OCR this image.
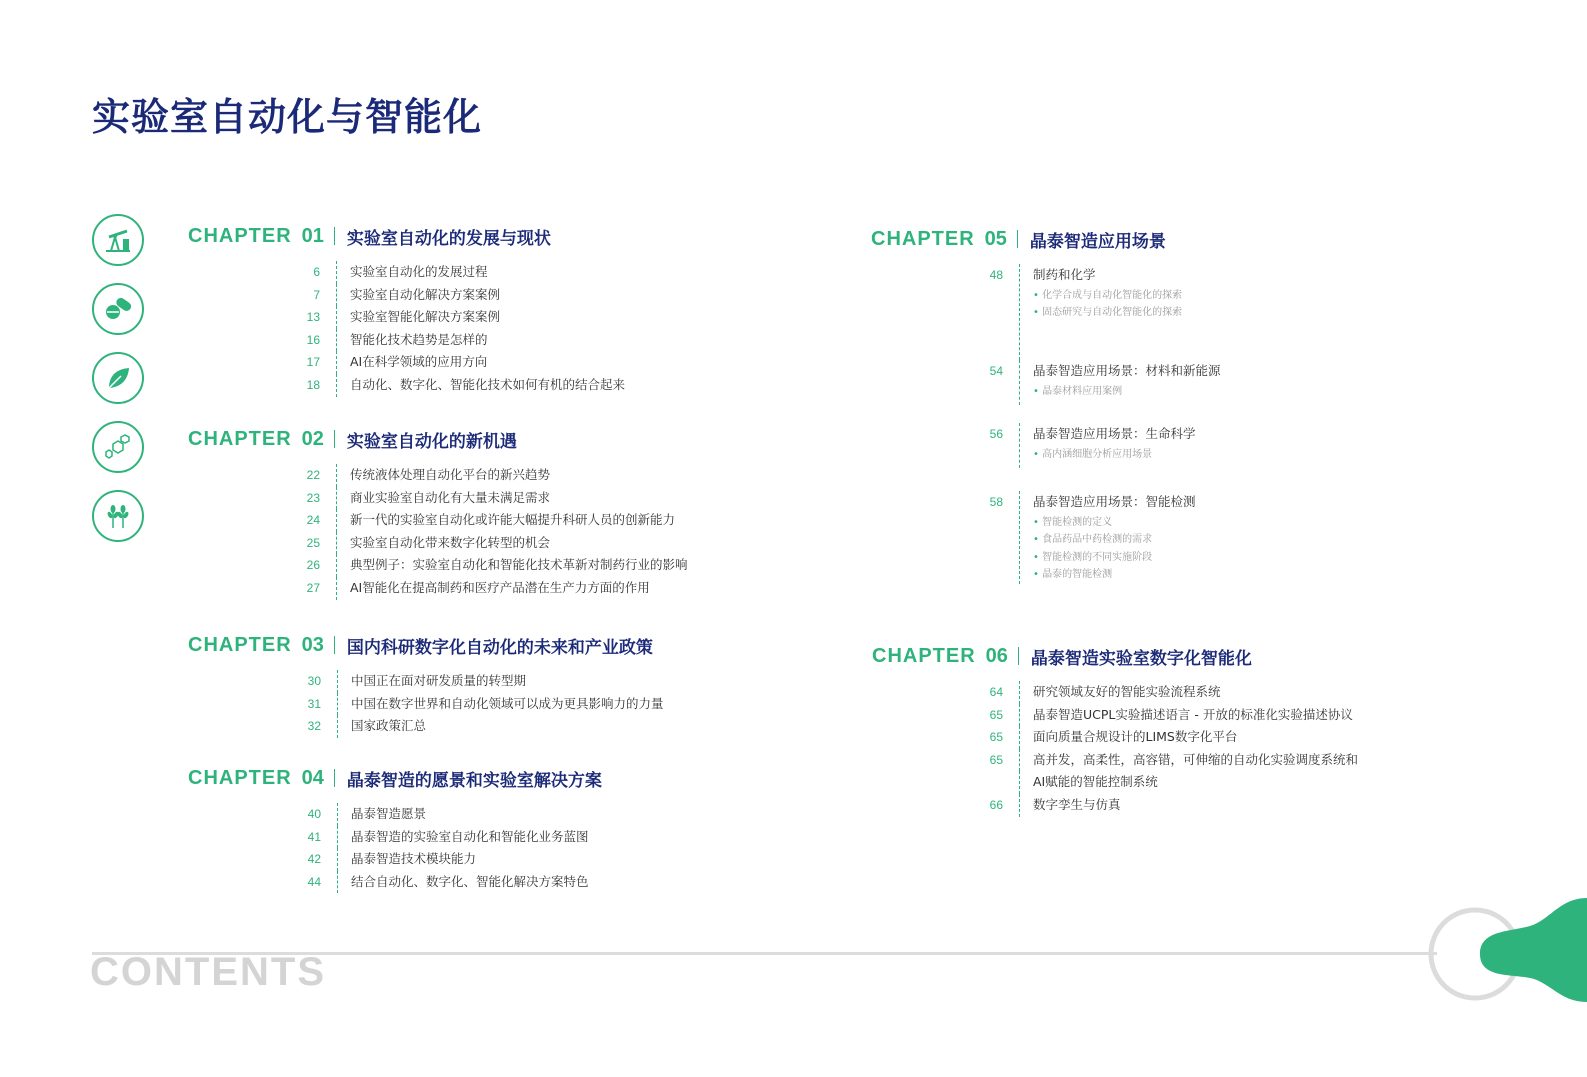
实验室自动化与智能化
CHAPTER 01 实验室自动化的发展与现状
6	实验室自动化的发展过程
7	实验室自动化解决方案案例
13	实验室智能化解决方案案例
16	智能化技术趋势是怎样的
17	AI在科学领域的应用方向
18	自动化、数字化、智能化技术如何有机的结合起来
CHAPTER 02 实验室自动化的新机遇
22	传统液体处理自动化平台的新兴趋势
23	商业实验室自动化有大量未满足需求
24	新一代的实验室自动化或许能大幅提升科研人员的创新能力
25	实验室自动化带来数字化转型的机会
26	典型例子：实验室自动化和智能化技术革新对制药行业的影响
27	AI智能化在提高制药和医疗产品潜在生产力方面的作用
CHAPTER 03 国内科研数字化自动化的未来和产业政策
30	中国正在面对研发质量的转型期
31	中国在数字世界和自动化领域可以成为更具影响力的力量
32	国家政策汇总
CHAPTER 04 晶泰智造的愿景和实验室解决方案
40	晶泰智造愿景
41	晶泰智造的实验室自动化和智能化业务蓝图
42	晶泰智造技术模块能力
44	结合自动化、数字化、智能化解决方案特色
CHAPTER 05 晶泰智造应用场景
48 制药和化学
• 化学合成与自动化智能化的探索
• 固态研究与自动化智能化的探索
54 晶泰智造应用场景：材料和新能源
• 晶泰材料应用案例
56 晶泰智造应用场景：生命科学
• 高内涵细胞分析应用场景
58 晶泰智造应用场景：智能检测
• 智能检测的定义
• 食品药品中药检测的需求
• 智能检测的不同实施阶段
• 晶泰的智能检测
CHAPTER 06 晶泰智造实验室数字化智能化
64	研究领域友好的智能实验流程系统
65	晶泰智造UCPL实验描述语言 - 开放的标准化实验描述协议
65	面向质量合规设计的LIMS数字化平台
65	高并发，高柔性，高容错，可伸缩的自动化实验调度系统和
AI赋能的智能控制系统
66	数字孪生与仿真
CONTENTS
